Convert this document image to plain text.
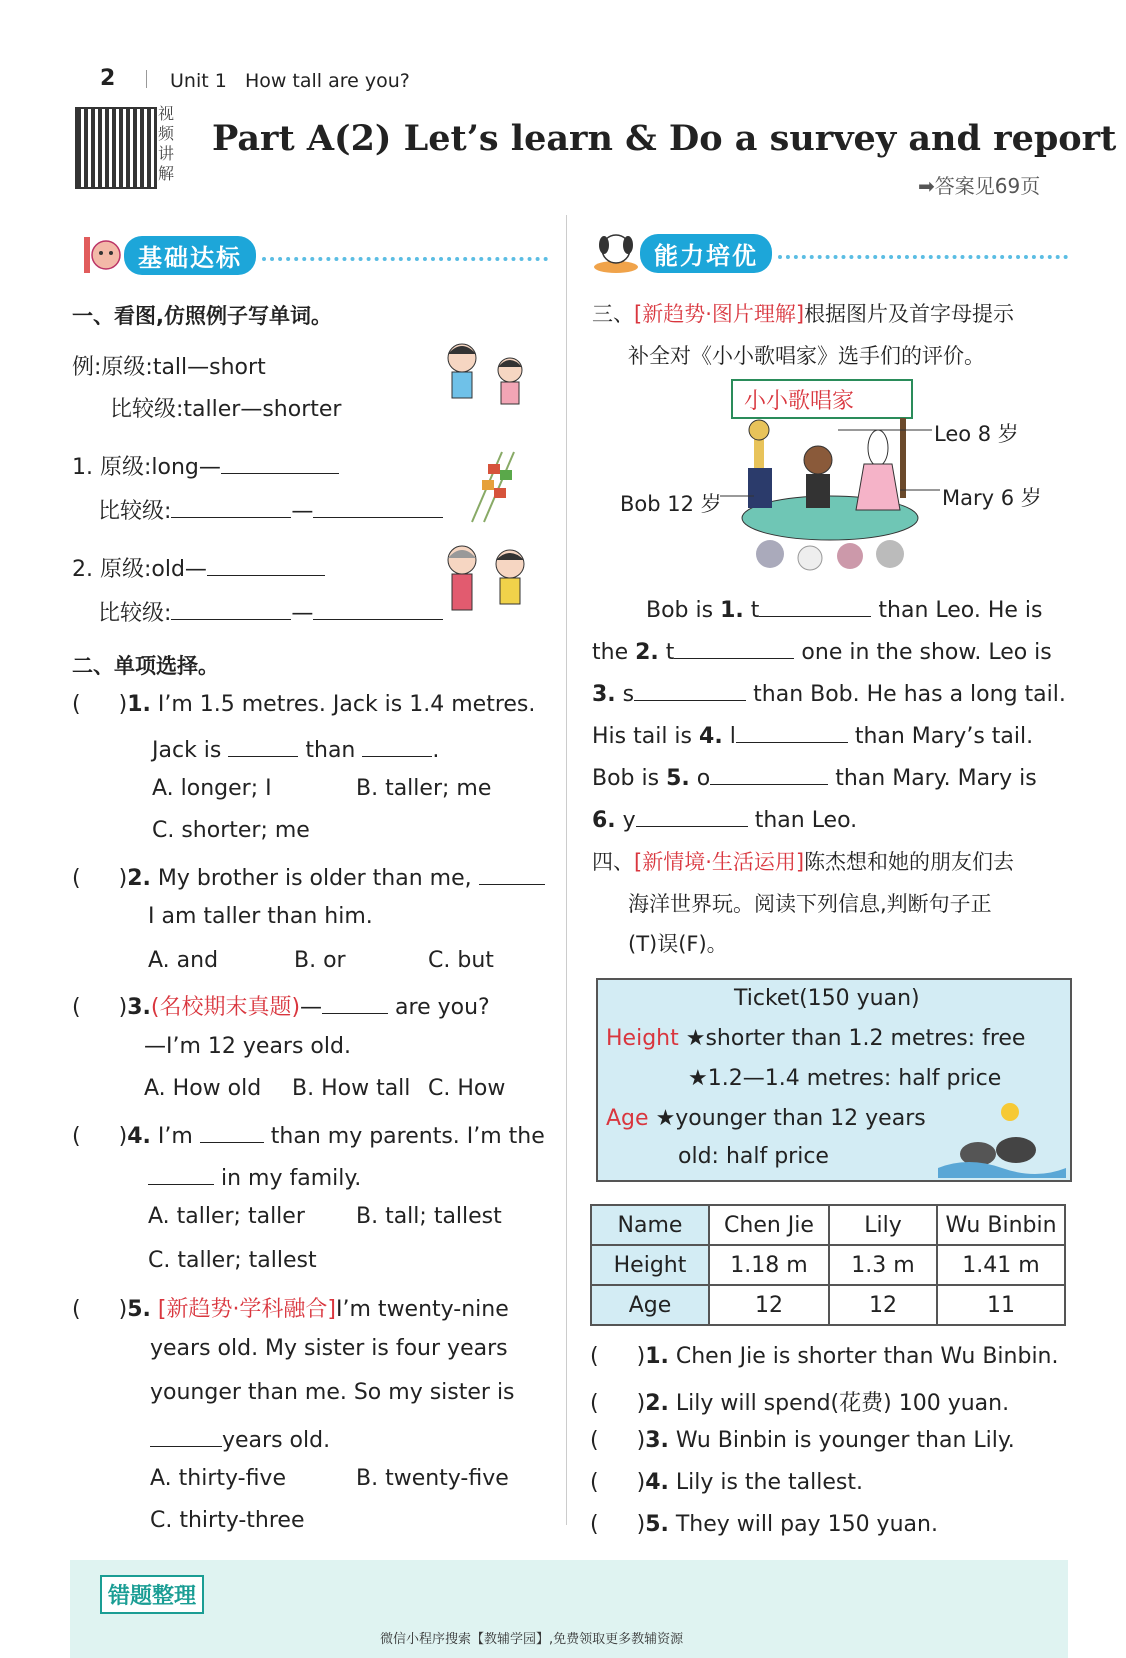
2	Unit 1 How tall are you?
视频讲解
Part A(2) Let’s learn & Do a survey and report
➡答案见69页
基础达标
一、看图,仿照例子写单词。
例:原级:tall—short
比较级:taller—shorter
1. 原级:long—
比较级:	—
2. 原级:old—
比较级:	—
二、单项选择。
( )1. I’m 1.5 metres. Jack is 1.4 metres.
Jack is	than	.
A. longer; I	B. taller; me
C. shorter; me
( )2. My brother is older than me,
I am taller than him.
A. and	B. or	C. but
( )3.(名校期末真题)—	are you?
—I’m 12 years old.
A. How old B. How tall C. How
( )4. I’m	than my parents. I’m the
in my family.
A. taller; taller B. tall; tallest
C. taller; tallest
( )5. [新趋势·学科融合]I’m twenty-nine
years old. My sister is four years
younger than me. So my sister is
years old.
A. thirty-five	B. twenty-five
C. thirty-three
能力培优
三、[新趋势·图片理解]根据图片及首字母提示
补全对《小小歌唱家》选手们的评价。
小小歌唱家
Leo 8 岁
Bob 12 岁	Mary 6 岁
Bob is 1. t	than Leo. He is
the 2. t	one in the show. Leo is
3. s	than Bob. He has a long tail.
His tail is 4. l	than Mary’s tail.
Bob is 5. o	than Mary. Mary is
6. y	than Leo.
四、[新情境·生活运用]陈杰想和她的朋友们去
海洋世界玩。阅读下列信息,判断句子正
(T)误(F)。
Ticket(150 yuan)
Height ★shorter than 1.2 metres: free
★1.2—1.4 metres: half price
Age ★younger than 12 years
old: half price
Name	Chen Jie	Lily	Wu Binbin
Height	1.18 m	1.3 m	1.41 m
Age	12	12	11
( )1. Chen Jie is shorter than Wu Binbin.
( )2. Lily will spend(花费) 100 yuan.
( )3. Wu Binbin is younger than Lily.
( )4. Lily is the tallest.
( )5. They will pay 150 yuan.
错题整理
微信小程序搜索【教辅学园】,免费领取更多教辅资源
